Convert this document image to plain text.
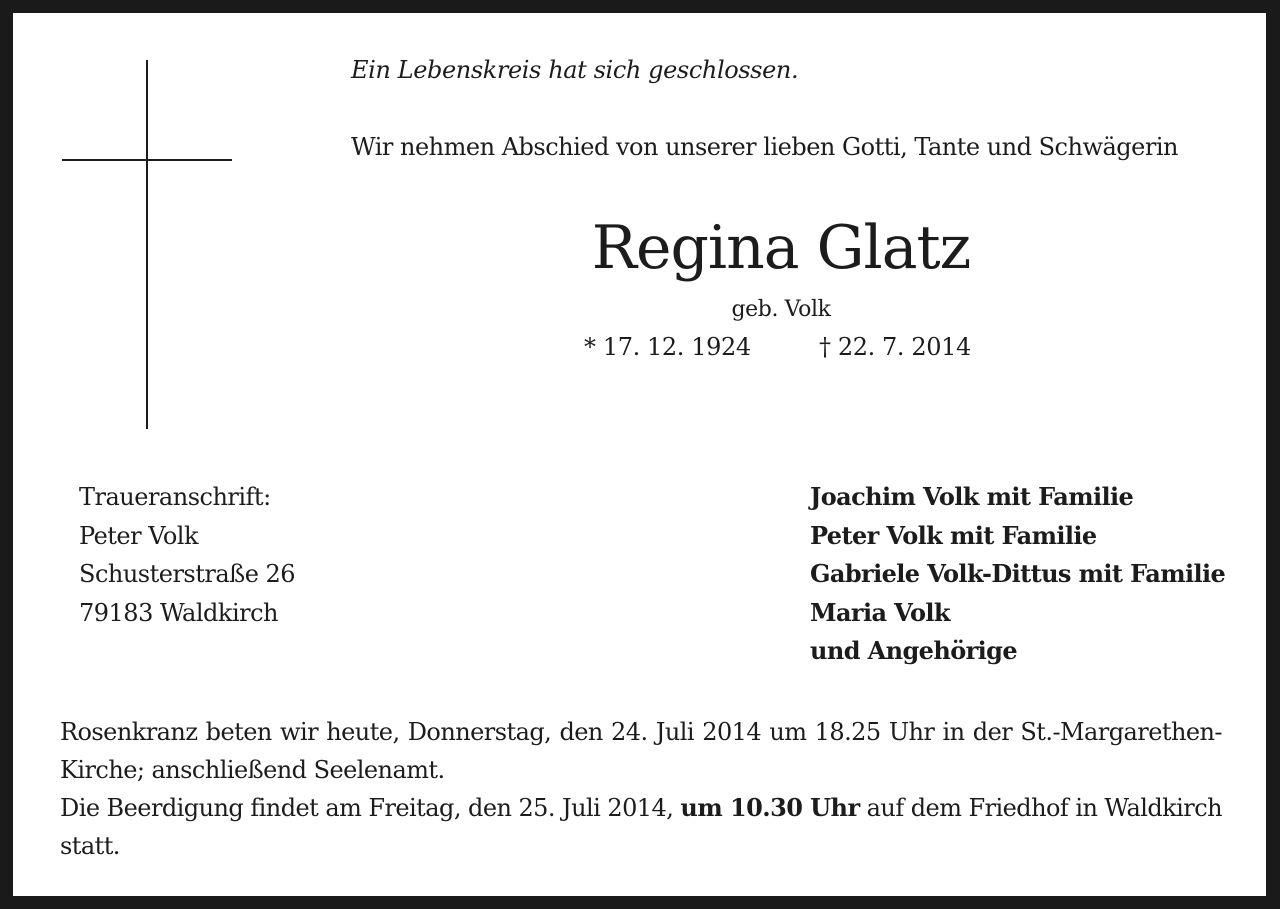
Ein Lebenskreis hat sich geschlossen.
Wir nehmen Abschied von unserer lieben Gotti, Tante und Schwägerin
Regina Glatz
geb. Volk
* 17. 12. 1924	† 22. 7. 2014
Traueranschrift:
Peter Volk
Schusterstraße 26
79183 Waldkirch
Joachim Volk mit Familie
Peter Volk mit Familie
Gabriele Volk-Dittus mit Familie
Maria Volk
und Angehörige

Rosenkranz beten wir heute, Donnerstag, den 24. Juli 2014 um 18.25 Uhr in der St.-Margarethen-Kirche; anschließend Seelenamt.

Die Beerdigung findet am Freitag, den 25. Juli 2014, um 10.30 Uhr auf dem Friedhof in Waldkirch statt.
